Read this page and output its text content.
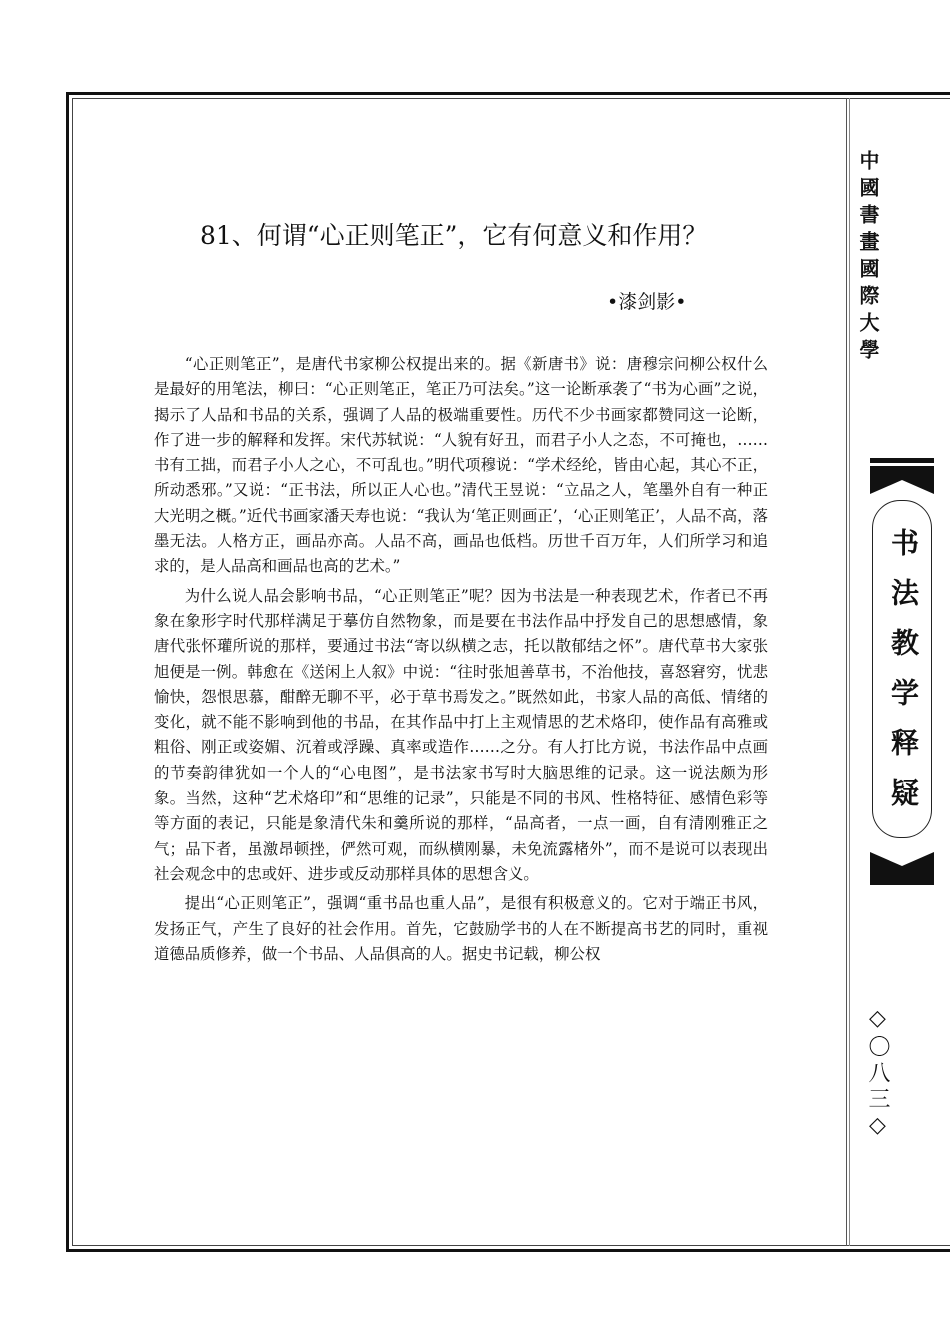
中國書畫國際大學
书法教学释疑
◇〇八三◇
81、何谓“心正则笔正”，它有何意义和作用？
•漆剑影•

“心正则笔正”，是唐代书家柳公权提出来的。据《新唐书》说：唐穆宗问柳公权什么是最好的用笔法，柳曰：“心正则笔正，笔正乃可法矣。”这一论断承袭了“书为心画”之说，揭示了人品和书品的关系，强调了人品的极端重要性。历代不少书画家都赞同这一论断，作了进一步的解释和发挥。宋代苏轼说：“人貌有好丑，而君子小人之态，不可掩也，……书有工拙，而君子小人之心，不可乱也。”明代项穆说：“学术经纶，皆由心起，其心不正，所动悉邪。”又说：“正书法，所以正人心也。”清代王昱说：“立品之人，笔墨外自有一种正大光明之概。”近代书画家潘天寿也说：“我认为‘笔正则画正’，‘心正则笔正’，人品不高，落墨无法。人格方正，画品亦高。人品不高，画品也低档。历世千百万年，人们所学习和追求的，是人品高和画品也高的艺术。”

为什么说人品会影响书品，“心正则笔正”呢？因为书法是一种表现艺术，作者已不再象在象形字时代那样满足于摹仿自然物象，而是要在书法作品中抒发自己的思想感情，象唐代张怀瓘所说的那样，要通过书法“寄以纵横之志，托以散郁结之怀”。唐代草书大家张旭便是一例。韩愈在《送闲上人叙》中说：“往时张旭善草书，不治他技，喜怒窘穷，忧悲愉快，怨恨思慕，酣醉无聊不平，必于草书焉发之。”既然如此，书家人品的高低、情绪的变化，就不能不影响到他的书品，在其作品中打上主观情思的艺术烙印，使作品有高雅或粗俗、刚正或姿媚、沉着或浮躁、真率或造作……之分。有人打比方说，书法作品中点画的节奏韵律犹如一个人的“心电图”，是书法家书写时大脑思维的记录。这一说法颇为形象。当然，这种“艺术烙印”和“思维的记录”，只能是不同的书风、性格特征、感情色彩等等方面的表记，只能是象清代朱和羹所说的那样，“品高者，一点一画，自有清刚雅正之气；品下者，虽激昂顿挫，俨然可观，而纵横刚暴，未免流露楮外”，而不是说可以表现出社会观念中的忠或奸、进步或反动那样具体的思想含义。

提出“心正则笔正”，强调“重书品也重人品”，是很有积极意义的。它对于端正书风，发扬正气，产生了良好的社会作用。首先，它鼓励学书的人在不断提高书艺的同时，重视道德品质修养，做一个书品、人品俱高的人。据史书记载，柳公权
